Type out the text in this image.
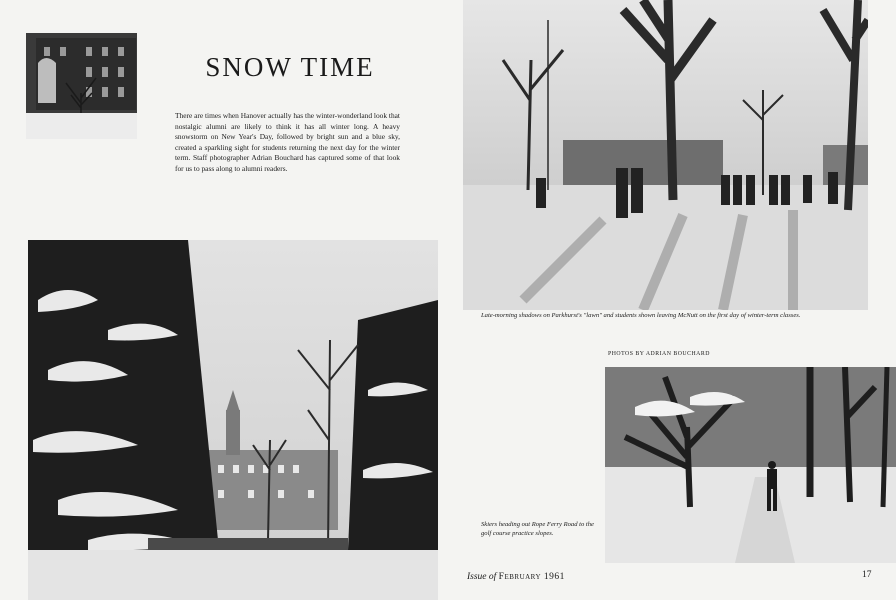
SNOW TIME

There are times when Hanover actually has the winter-wonderland look that nostalgic alumni are likely to think it has all winter long. A heavy snowstorm on New Year's Day, followed by bright sun and a blue sky, created a sparkling sight for students returning the next day for the winter term. Staff photographer Adrian Bouchard has captured some of that look for us to pass along to alumni readers.

Late-morning shadows on Parkhurst's "lawn" and students shown leaving McNutt on the first day of winter-term classes.

PHOTOS BY ADRIAN BOUCHARD

Skiers heading out Rope Ferry Road to the golf course practice slopes.

Issue of February 1961	17
